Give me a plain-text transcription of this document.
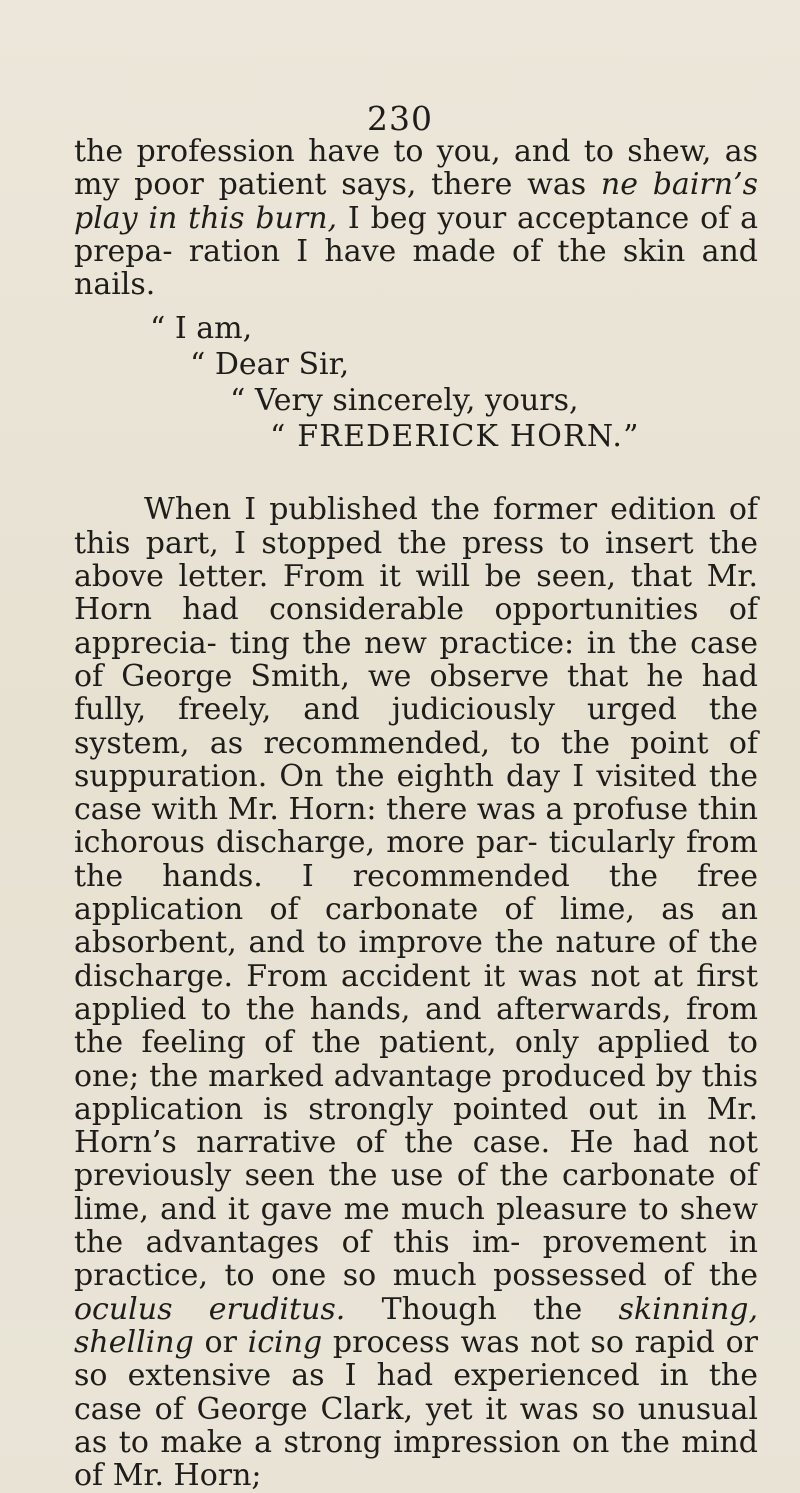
230

the profession have to you, and to shew, as my poor patient says, there was ne bairn’s play in this burn, I beg your acceptance of a prepa- ration I have made of the skin and nails.

“ I am,
“ Dear Sir,
“ Very sincerely, yours,
“ FREDERICK HORN.”

When I published the former edition of this part, I stopped the press to insert the above letter. From it will be seen, that Mr. Horn had considerable opportunities of apprecia- ting the new practice: in the case of George Smith, we observe that he had fully, freely, and judiciously urged the system, as recommended, to the point of suppuration. On the eighth day I visited the case with Mr. Horn: there was a profuse thin ichorous discharge, more par- ticularly from the hands. I recommended the free application of carbonate of lime, as an absorbent, and to improve the nature of the discharge. From accident it was not at first applied to the hands, and afterwards, from the feeling of the patient, only applied to one; the marked advantage produced by this application is strongly pointed out in Mr. Horn’s narrative of the case. He had not previously seen the use of the carbonate of lime, and it gave me much pleasure to shew the advantages of this im- provement in practice, to one so much possessed of the oculus eruditus. Though the skinning, shelling or icing process was not so rapid or so extensive as I had experienced in the case of George Clark, yet it was so unusual as to make a strong impression on the mind of Mr. Horn;
